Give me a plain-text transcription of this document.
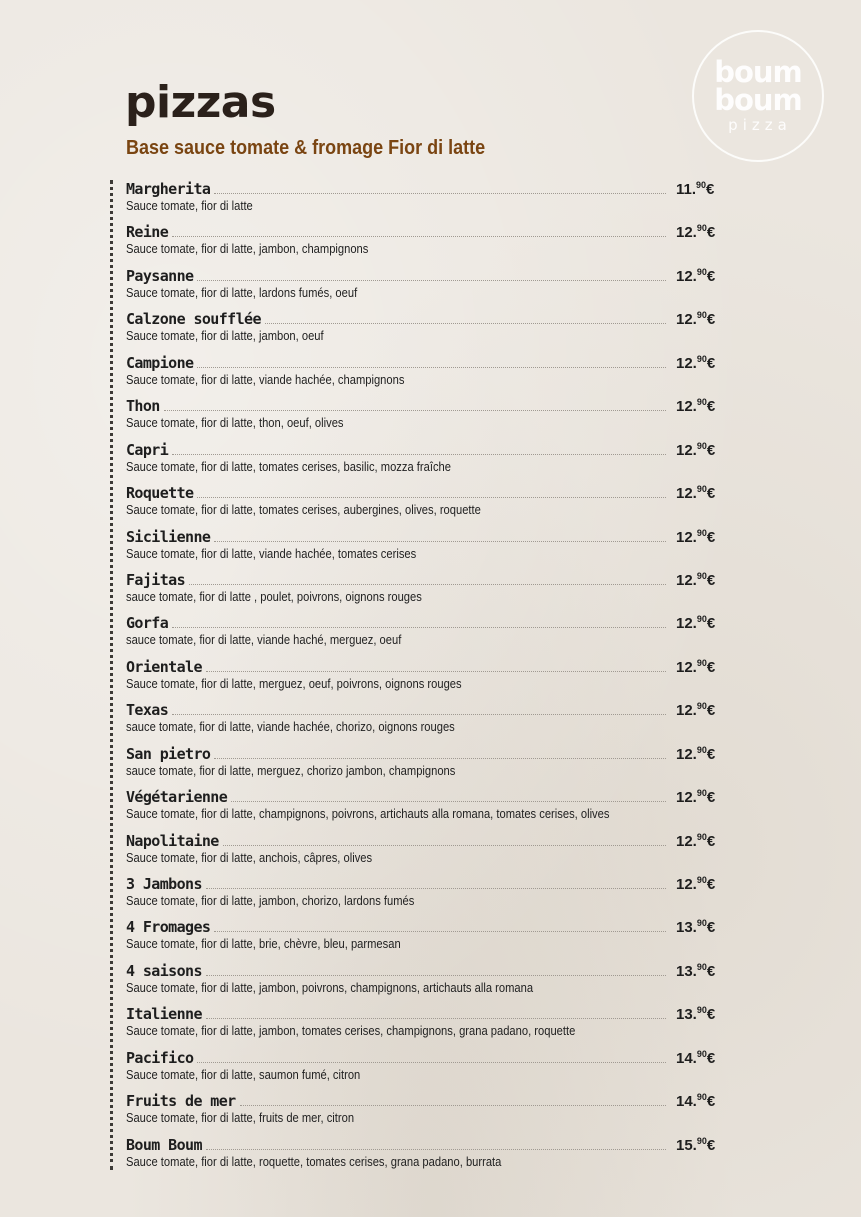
boum
boum
pizza
pizzas
Base sauce tomate & fromage Fior di latte
Margherita	11.90€
Sauce tomate, fior di latte
Reine	12.90€
Sauce tomate, fior di latte, jambon, champignons
Paysanne	12.90€
Sauce tomate, fior di latte, lardons fumés, oeuf
Calzone soufflée	12.90€
Sauce tomate, fior di latte, jambon, oeuf
Campione	12.90€
Sauce tomate, fior di latte, viande hachée, champignons
Thon	12.90€
Sauce tomate, fior di latte, thon, oeuf, olives
Capri	12.90€
Sauce tomate, fior di latte, tomates cerises, basilic, mozza fraîche
Roquette	12.90€
Sauce tomate, fior di latte, tomates cerises, aubergines, olives, roquette
Sicilienne	12.90€
Sauce tomate, fior di latte, viande hachée, tomates cerises
Fajitas	12.90€
sauce tomate, fior di latte , poulet, poivrons, oignons rouges
Gorfa	12.90€
sauce tomate, fior di latte, viande haché, merguez, oeuf
Orientale	12.90€
Sauce tomate, fior di latte, merguez, oeuf, poivrons, oignons rouges
Texas	12.90€
sauce tomate, fior di latte, viande hachée, chorizo, oignons rouges
San pietro	12.90€
sauce tomate, fior di latte, merguez, chorizo jambon, champignons
Végétarienne	12.90€
Sauce tomate, fior di latte, champignons, poivrons, artichauts alla romana, tomates cerises, olives
Napolitaine	12.90€
Sauce tomate, fior di latte, anchois, câpres, olives
3 Jambons	12.90€
Sauce tomate, fior di latte, jambon, chorizo, lardons fumés
4 Fromages	13.90€
Sauce tomate, fior di latte, brie, chèvre, bleu, parmesan
4 saisons	13.90€
Sauce tomate, fior di latte, jambon, poivrons, champignons, artichauts alla romana
Italienne	13.90€
Sauce tomate, fior di latte, jambon, tomates cerises, champignons, grana padano, roquette
Pacifico	14.90€
Sauce tomate, fior di latte, saumon fumé, citron
Fruits de mer	14.90€
Sauce tomate, fior di latte, fruits de mer, citron
Boum Boum	15.90€
Sauce tomate, fior di latte, roquette, tomates cerises, grana padano, burrata
